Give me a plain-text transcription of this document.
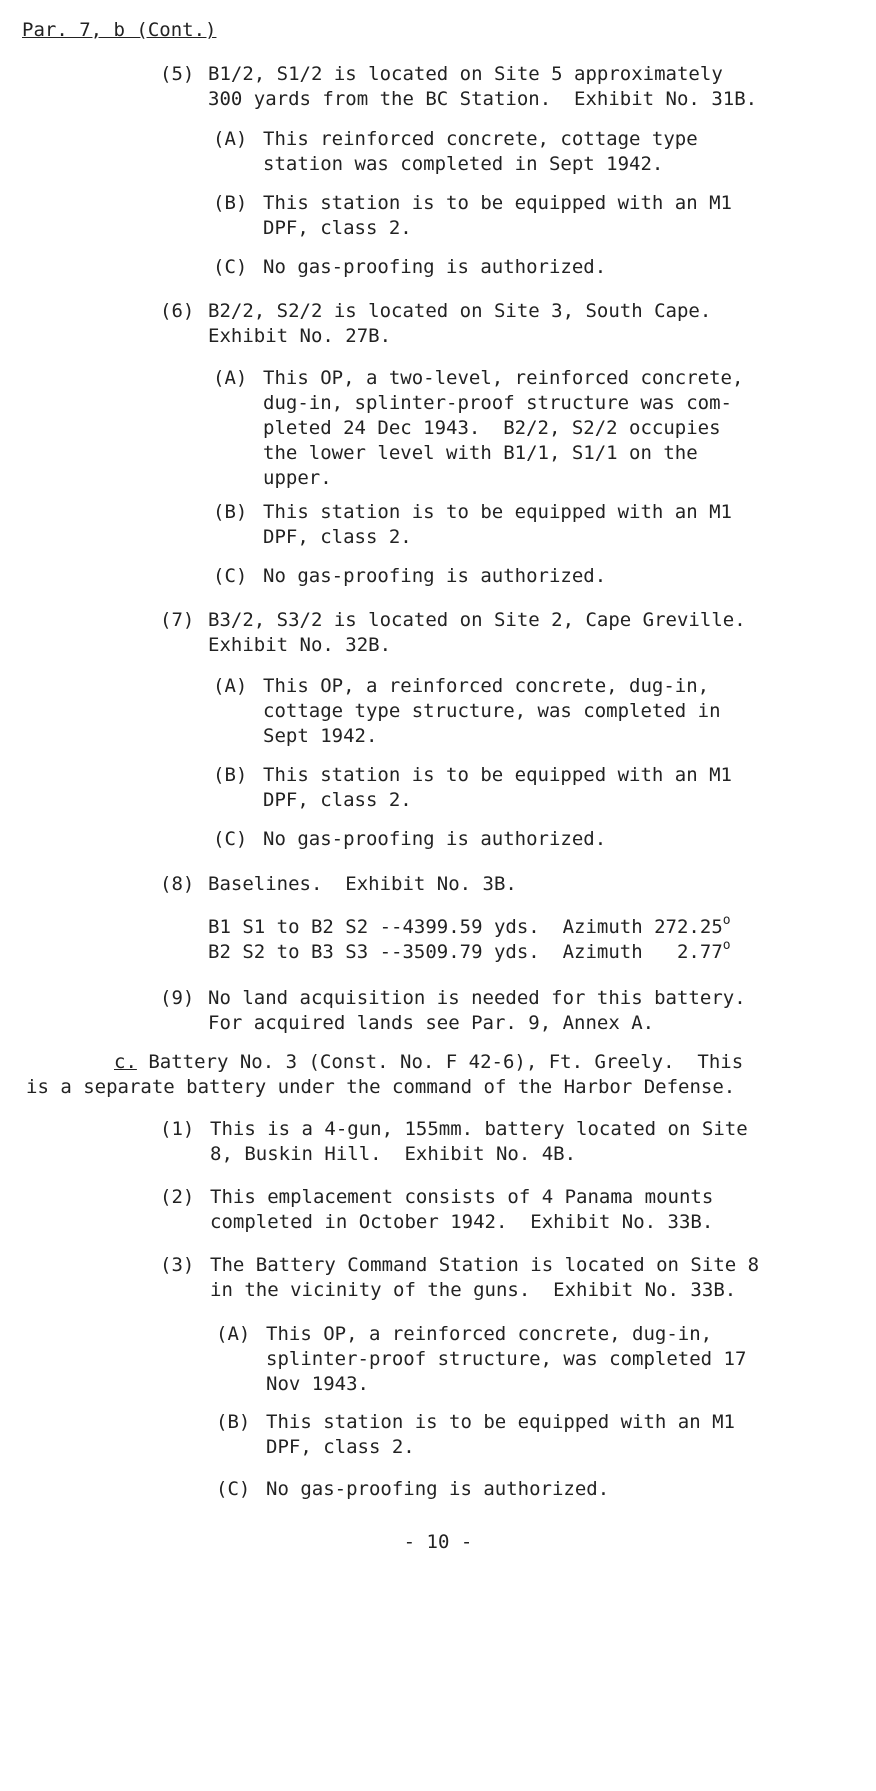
Par. 7, b (Cont.)
(5) B1/2, S1/2 is located on Site 5 approximately
300 yards from the BC Station.  Exhibit No. 31B.
(A) This reinforced concrete, cottage type
station was completed in Sept 1942.
(B) This station is to be equipped with an M1
DPF, class 2.
(C) No gas-proofing is authorized.
(6) B2/2, S2/2 is located on Site 3, South Cape.
Exhibit No. 27B.
(A) This OP, a two-level, reinforced concrete,
dug-in, splinter-proof structure was com-
pleted 24 Dec 1943.  B2/2, S2/2 occupies
the lower level with B1/1, S1/1 on the
upper.
(B) This station is to be equipped with an M1
DPF, class 2.
(C) No gas-proofing is authorized.
(7) B3/2, S3/2 is located on Site 2, Cape Greville.
Exhibit No. 32B.
(A) This OP, a reinforced concrete, dug-in,
cottage type structure, was completed in
Sept 1942.
(B) This station is to be equipped with an M1
DPF, class 2.
(C) No gas-proofing is authorized.
(8) Baselines.  Exhibit No. 3B.
B1 S1 to B2 S2 --4399.59 yds.  Azimuth 272.25$^o$
B2 S2 to B3 S3 --3509.79 yds.  Azimuth   2.77$^o$
(9) No land acquisition is needed for this battery.
For acquired lands see Par. 9, Annex A.
c. Battery No. 3 (Const. No. F 42-6), Ft. Greely.  This
is a separate battery under the command of the Harbor Defense.
(1) This is a 4-gun, 155mm. battery located on Site
8, Buskin Hill.  Exhibit No. 4B.
(2) This emplacement consists of 4 Panama mounts
completed in October 1942.  Exhibit No. 33B.
(3) The Battery Command Station is located on Site 8
in the vicinity of the guns.  Exhibit No. 33B.
(A) This OP, a reinforced concrete, dug-in,
splinter-proof structure, was completed 17
Nov 1943.
(B) This station is to be equipped with an M1
DPF, class 2.
(C) No gas-proofing is authorized.
- 10 -
